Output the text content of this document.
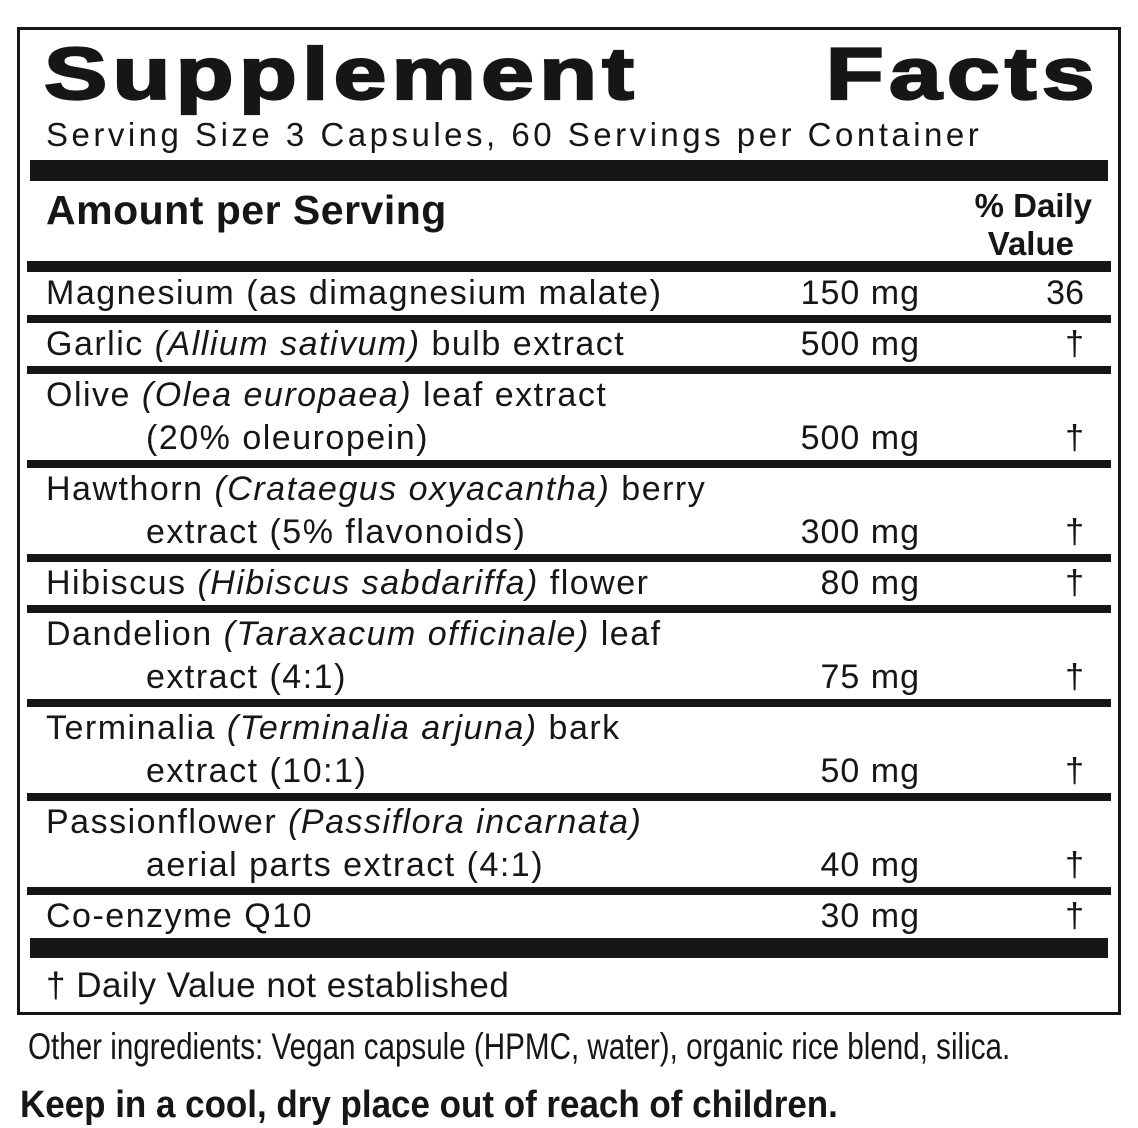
Supplement	Facts
Serving Size 3 Capsules, 60 Servings per Container
Amount per Serving	% Daily
Value
Magnesium (as dimagnesium malate)	150 mg	36
Garlic (Allium sativum) bulb extract	500 mg	†
Olive (Olea europaea) leaf extract
(20% oleuropein)	500 mg	†
Hawthorn (Crataegus oxyacantha) berry
extract (5% flavonoids)	300 mg	†
Hibiscus (Hibiscus sabdariffa) flower	80 mg	†
Dandelion (Taraxacum officinale) leaf
extract (4:1)	75 mg	†
Terminalia (Terminalia arjuna) bark
extract (10:1)	50 mg	†
Passionflower (Passiflora incarnata)
aerial parts extract (4:1)	40 mg	†
Co-enzyme Q10	30 mg	†
† Daily Value not established
Other ingredients: Vegan capsule (HPMC, water), organic rice blend, silica.
Keep in a cool, dry place out of reach of children.
